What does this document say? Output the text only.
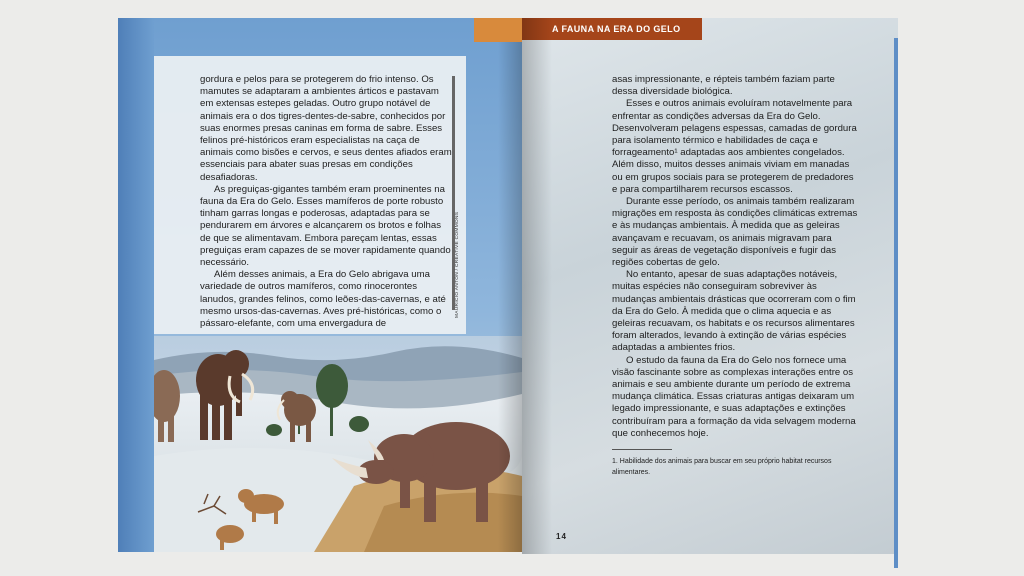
MAURICIO ANTÓN / CREATIVE COMMONS

gordura e pelos para se protegerem do frio intenso. Os mamutes se adaptaram a ambientes árticos e pastavam em extensas estepes geladas. Outro grupo notável de animais era o dos tigres-dentes-de-sabre, conhecidos por suas enormes presas caninas em forma de sabre. Esses felinos pré-históricos eram especialistas na caça de animais como bisões e cervos, e seus dentes afiados eram essenciais para abater suas presas em condições desafiadoras.

As preguiças-gigantes também eram proeminentes na fauna da Era do Gelo. Esses mamíferos de porte robusto tinham garras longas e poderosas, adaptadas para se pendurarem em árvores e alcançarem os brotos e folhas de que se alimentavam. Embora pareçam lentas, essas preguiças eram capazes de se mover rapidamente quando necessário.

Além desses animais, a Era do Gelo abrigava uma variedade de outros mamíferos, como rinocerontes lanudos, grandes felinos, como leões-das-cavernas, e até mesmo ursos-das-cavernas. Aves pré-históricas, como o pássaro-elefante, com uma envergadura de

A FAUNA NA ERA DO GELO

asas impressionante, e répteis também faziam parte dessa diversidade biológica.

Esses e outros animais evoluíram notavelmente para enfrentar as condições adversas da Era do Gelo. Desenvolveram pelagens espessas, camadas de gordura para isolamento térmico e habilidades de caça e forrageamento¹ adaptadas aos ambientes congelados. Além disso, muitos desses animais viviam em manadas ou em grupos sociais para se protegerem de predadores e para compartilharem recursos escassos.

Durante esse período, os animais também realizaram migrações em resposta às condições climáticas extremas e às mudanças ambientais. À medida que as geleiras avançavam e recuavam, os animais migravam para seguir as áreas de vegetação disponíveis e fugir das regiões cobertas de gelo.

No entanto, apesar de suas adaptações notáveis, muitas espécies não conseguiram sobreviver às mudanças ambientais drásticas que ocorreram com o fim da Era do Gelo. À medida que o clima aquecia e as geleiras recuavam, os habitats e os recursos alimentares foram alterados, levando à extinção de várias espécies adaptadas a ambientes frios.

O estudo da fauna da Era do Gelo nos fornece uma visão fascinante sobre as complexas interações entre os animais e seu ambiente durante um período de extrema mudança climática. Essas criaturas antigas deixaram um legado impressionante, e suas adaptações e extinções contribuíram para a formação da vida selvagem moderna que conhecemos hoje.

1. Habilidade dos animais para buscar em seu próprio habitat recursos alimentares.
14
